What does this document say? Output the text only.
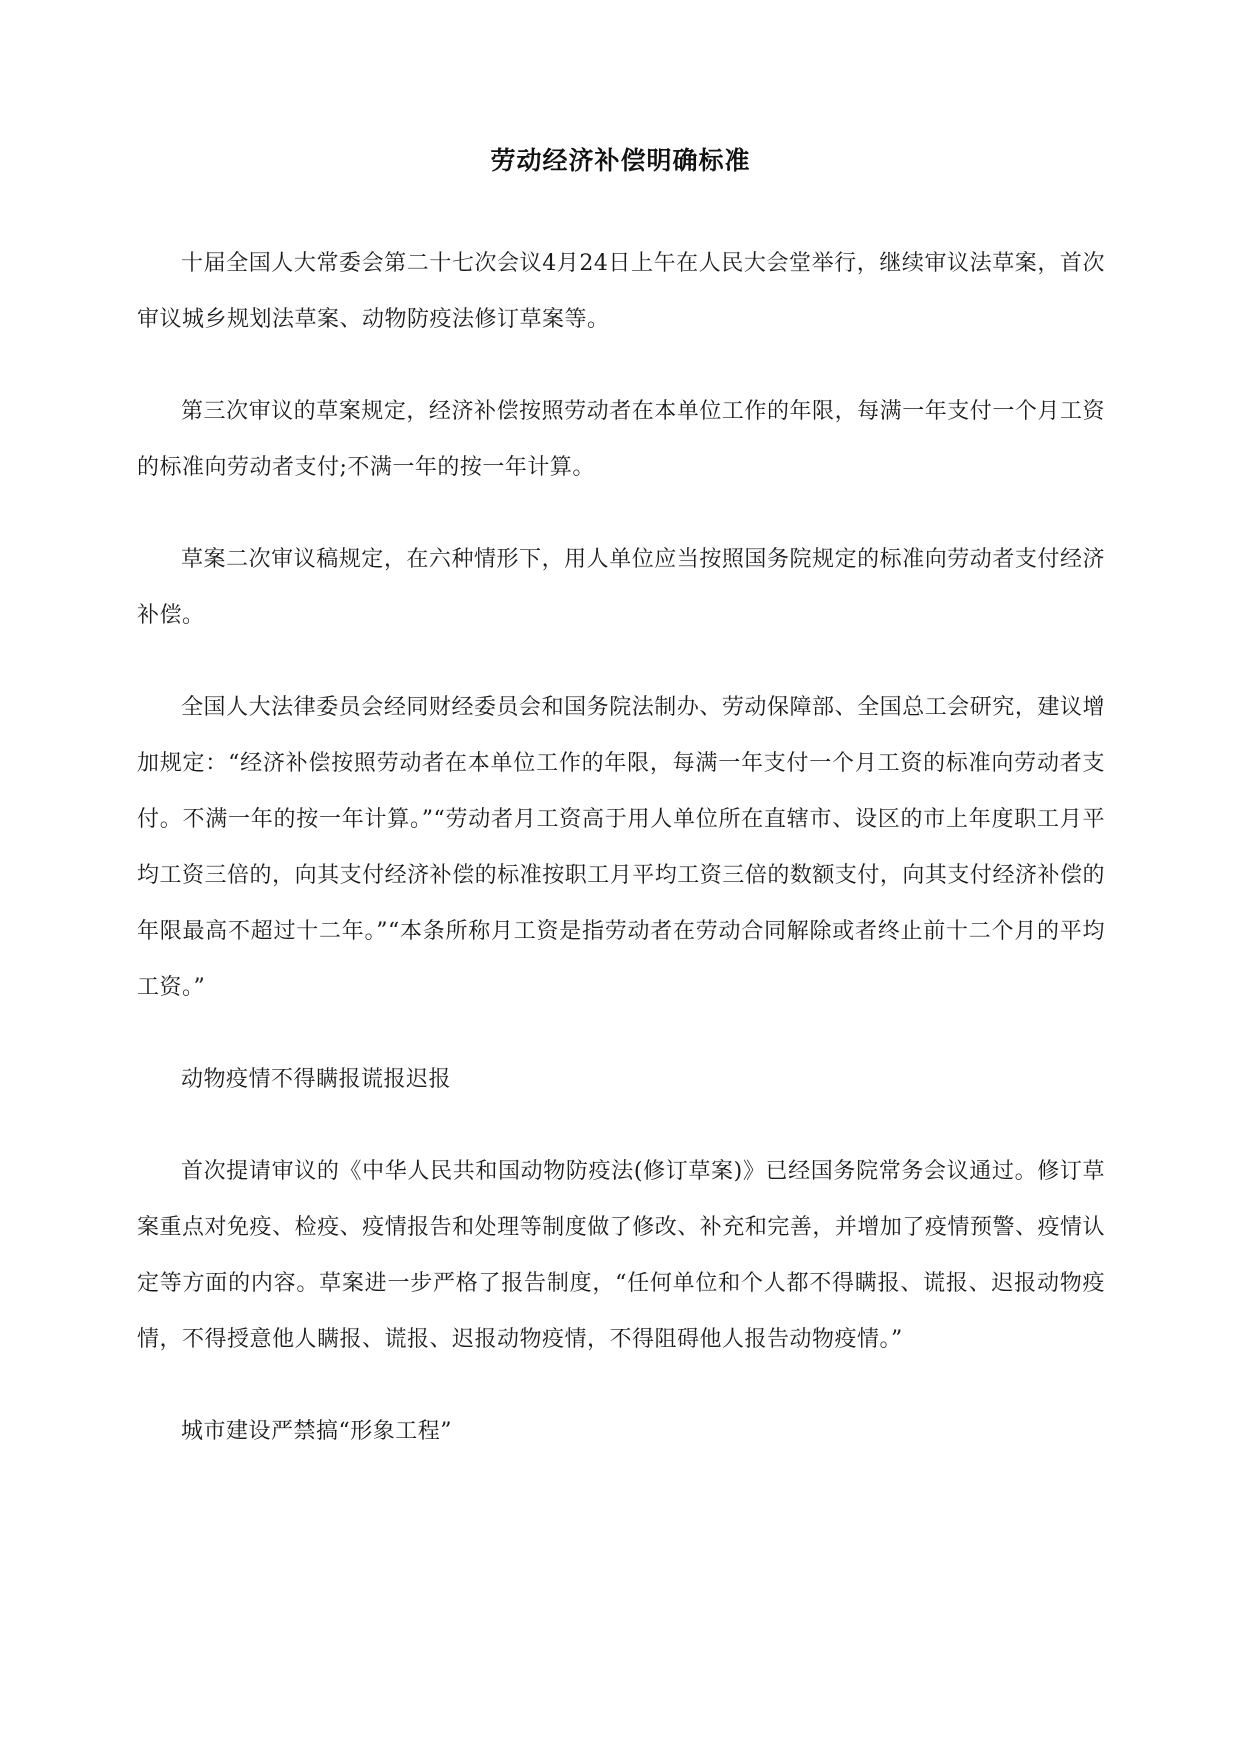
劳动经济补偿明确标准

十届全国人大常委会第二十七次会议4月24日上午在人民大会堂举行，继续审议法草案，首次审议城乡规划法草案、动物防疫法修订草案等。

第三次审议的草案规定，经济补偿按照劳动者在本单位工作的年限，每满一年支付一个月工资的标准向劳动者支付;不满一年的按一年计算。

草案二次审议稿规定，在六种情形下，用人单位应当按照国务院规定的标准向劳动者支付经济补偿。

全国人大法律委员会经同财经委员会和国务院法制办、劳动保障部、全国总工会研究，建议增加规定：“经济补偿按照劳动者在本单位工作的年限，每满一年支付一个月工资的标准向劳动者支付。不满一年的按一年计算。”“劳动者月工资高于用人单位所在直辖市、设区的市上年度职工月平均工资三倍的，向其支付经济补偿的标准按职工月平均工资三倍的数额支付，向其支付经济补偿的年限最高不超过十二年。”“本条所称月工资是指劳动者在劳动合同解除或者终止前十二个月的平均工资。”

动物疫情不得瞒报谎报迟报

首次提请审议的《中华人民共和国动物防疫法(修订草案)》已经国务院常务会议通过。修订草案重点对免疫、检疫、疫情报告和处理等制度做了修改、补充和完善，并增加了疫情预警、疫情认定等方面的内容。草案进一步严格了报告制度，“任何单位和个人都不得瞒报、谎报、迟报动物疫情，不得授意他人瞒报、谎报、迟报动物疫情，不得阻碍他人报告动物疫情。”

城市建设严禁搞“形象工程”
